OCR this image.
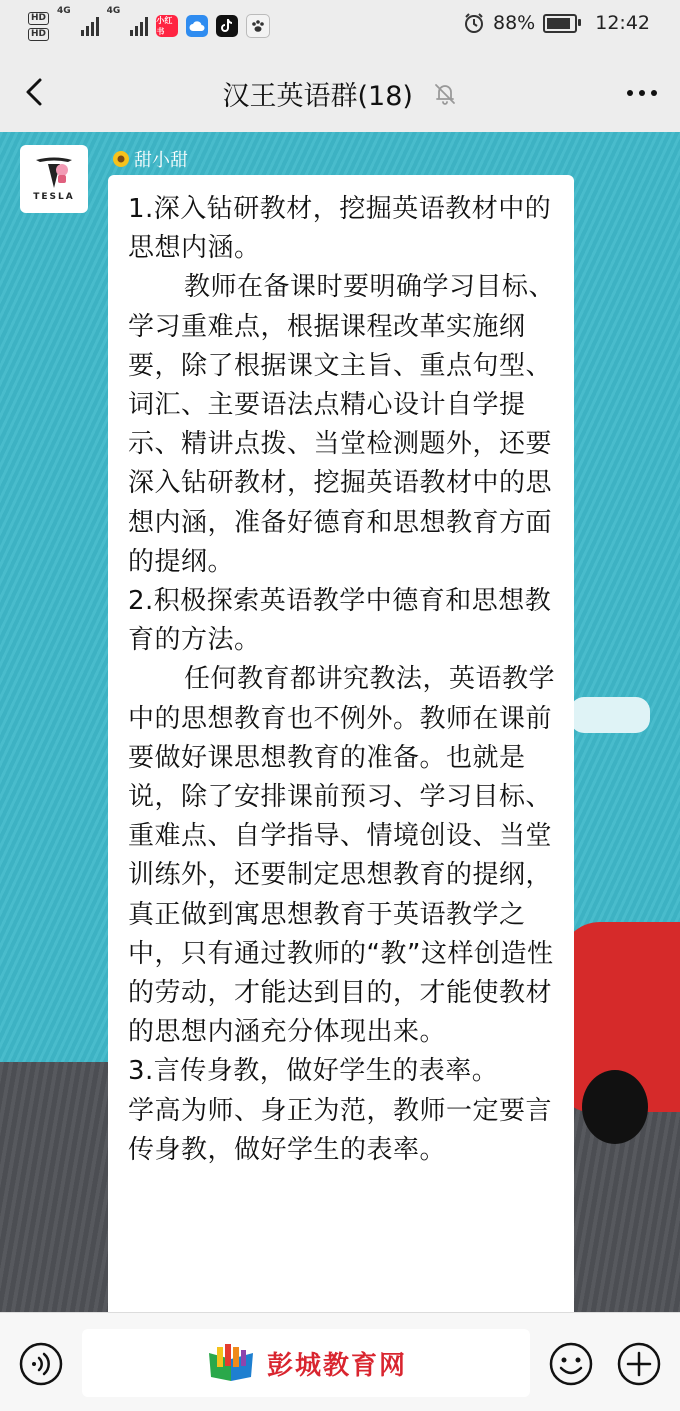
HD
HD
4G	4G
小红书	88%	12:42
汉王英语群(18)
TESLA
甜小甜

1.深入钻研教材，挖掘英语教材中的思想内涵。

教师在备课时要明确学习目标、学习重难点，根据课程改革实施纲要，除了根据课文主旨、重点句型、词汇、主要语法点精心设计自学提示、精讲点拨、当堂检测题外，还要深入钻研教材，挖掘英语教材中的思想内涵，准备好德育和思想教育方面的提纲。

2.积极探索英语教学中德育和思想教育的方法。

任何教育都讲究教法，英语教学中的思想教育也不例外。教师在课前要做好课思想教育的准备。也就是说，除了安排课前预习、学习目标、重难点、自学指导、情境创设、当堂训练外，还要制定思想教育的提纲，真正做到寓思想教育于英语教学之中，只有通过教师的“教”这样创造性的劳动，才能达到目的，才能使教材的思想内涵充分体现出来。

3.言传身教，做好学生的表率。

学高为师、身正为范，教师一定要言传身教，做好学生的表率。

彭城教育网
